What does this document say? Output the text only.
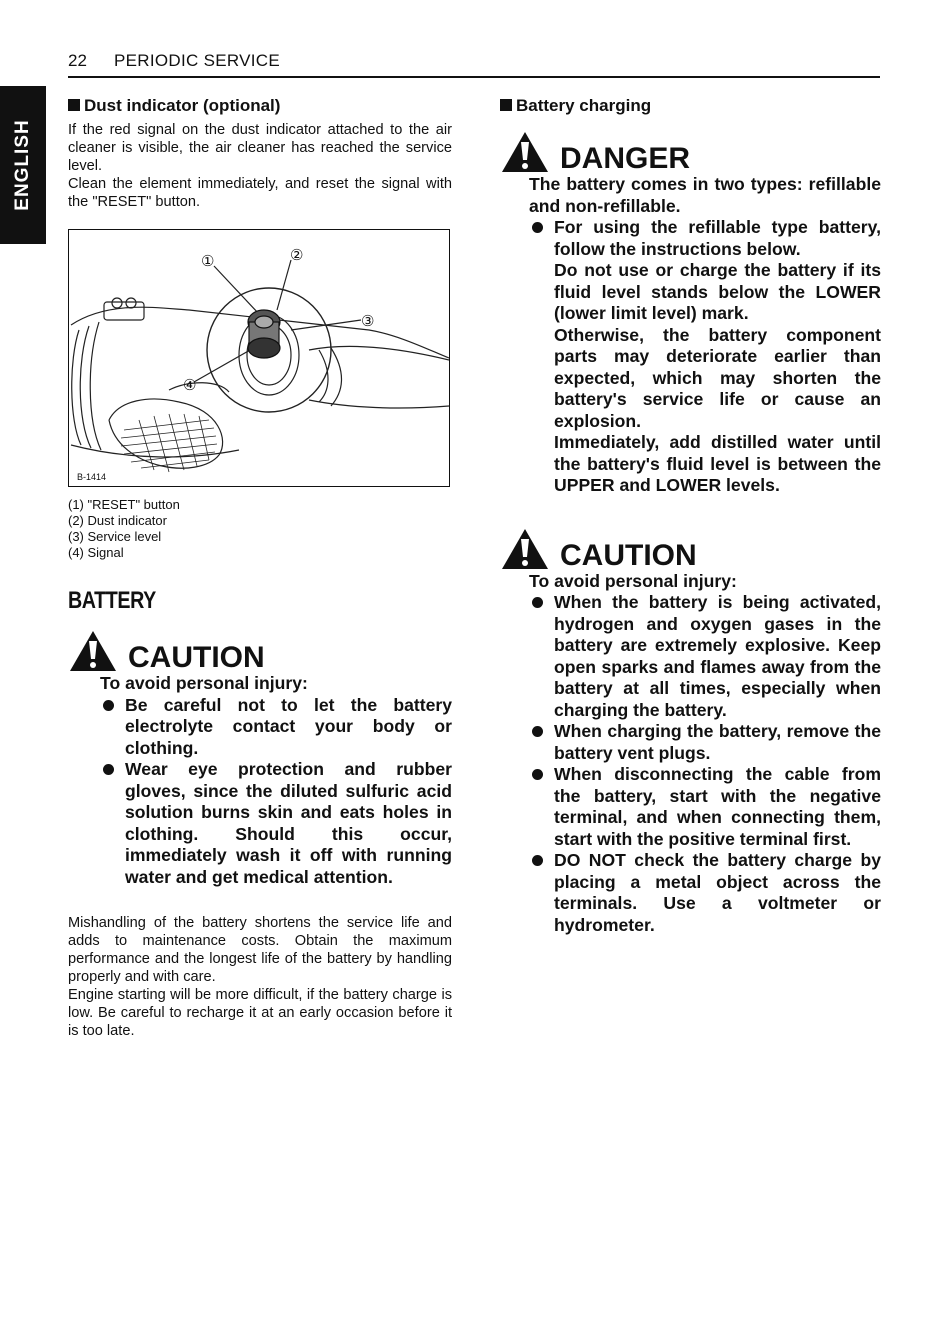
ENGLISH
22 PERIODIC SERVICE
Dust indicator (optional)

If the red signal on the dust indicator attached to the air cleaner is visible, the air cleaner has reached the service level.

Clean the element immediately, and reset the signal with the "RESET" button.

①	②
③
④
B-1414
(1) "RESET" button
(2) Dust indicator
(3) Service level
(4) Signal
BATTERY
CAUTION
To avoid personal injury:
Be careful not to let the battery electrolyte contact your body or clothing.
Wear eye protection and rubber gloves, since the diluted sulfuric acid solution burns skin and eats holes in clothing. Should this occur, immediately wash it off with running water and get medical attention.

Mishandling of the battery shortens the service life and adds to maintenance costs. Obtain the maximum performance and the longest life of the battery by handling properly and with care.

Engine starting will be more difficult, if the battery charge is low. Be careful to recharge it at an early occasion before it is too late.

Battery charging
DANGER
The battery comes in two types: refillable and non-refillable.
For using the refillable type battery, follow the instructions below.
Do not use or charge the battery if its fluid level stands below the LOWER (lower limit level) mark.
Otherwise, the battery component parts may deteriorate earlier than expected, which may shorten the battery's service life or cause an explosion.
Immediately, add distilled water until the battery's fluid level is between the UPPER and LOWER levels.
CAUTION
To avoid personal injury:
When the battery is being activated, hydrogen and oxygen gases in the battery are extremely explosive. Keep open sparks and flames away from the battery at all times, especially when charging the battery.
When charging the battery, remove the battery vent plugs.
When disconnecting the cable from the battery, start with the negative terminal, and when connecting them, start with the positive terminal first.
DO NOT check the battery charge by placing a metal object across the terminals. Use a voltmeter or hydrometer.
